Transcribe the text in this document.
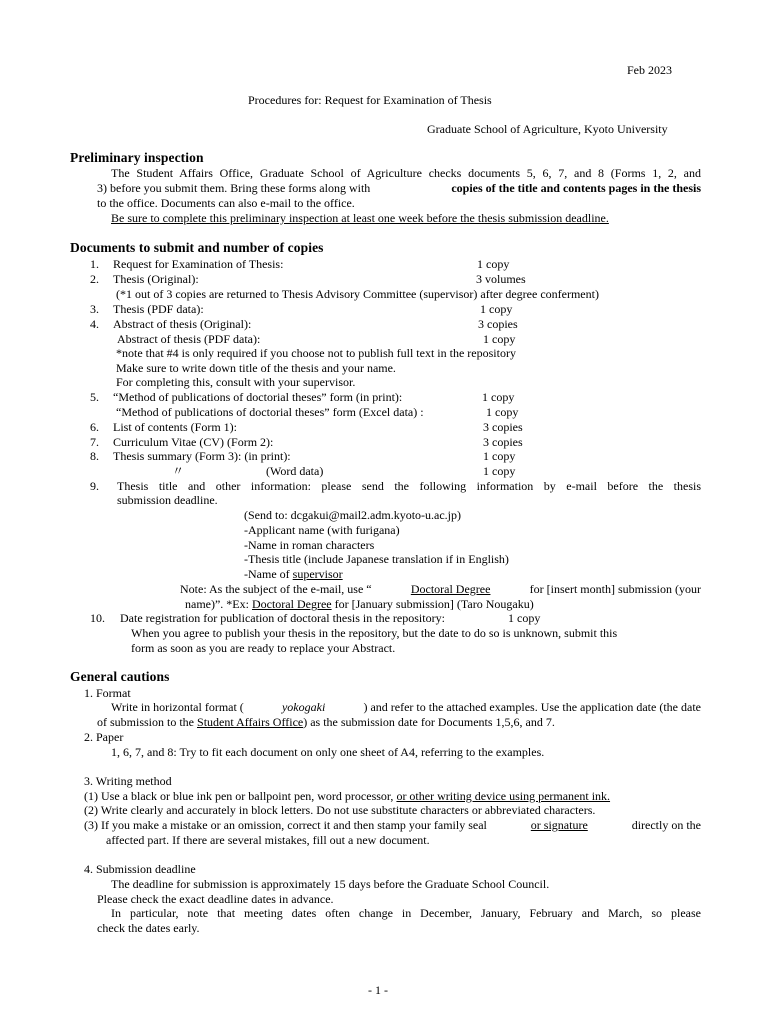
Feb 2023
Procedures for: Request for Examination of Thesis
Graduate School of Agriculture, Kyoto University
Preliminary inspection
The Student Affairs Office, Graduate School of Agriculture checks documents 5, 6, 7, and 8 (Forms 1, 2, and
3) before you submit them. Bring these forms along with	copies of the title and contents pages in the thesis
to the office. Documents can also e-mail to the office.
Be sure to complete this preliminary inspection at least one week before the thesis submission deadline.
Documents to submit and number of copies
1. Request for Examination of Thesis:	1 copy
2. Thesis (Original):	3 volumes
(*1 out of 3 copies are returned to Thesis Advisory Committee (supervisor) after degree conferment)
3. Thesis (PDF data):	1 copy
4. Abstract of thesis (Original):	3 copies
Abstract of thesis (PDF data):	1 copy
*note that #4 is only required if you choose not to publish full text in the repository
Make sure to write down title of the thesis and your name.
For completing this, consult with your supervisor.
5. “Method of publications of doctorial theses” form (in print):	1 copy
“Method of publications of doctorial theses” form (Excel data) :	1 copy
6. List of contents (Form 1):	3 copies
7. Curriculum Vitae (CV) (Form 2):	3 copies
8. Thesis summary (Form 3): (in print):	1 copy
〃	(Word data)	1 copy
9. Thesis title and other information: please send the following information by e-mail before the thesis
submission deadline.
(Send to: dcgakui@mail2.adm.kyoto-u.ac.jp)
-Applicant name (with furigana)
-Name in roman characters
-Thesis title (include Japanese translation if in English)
-Name of supervisor
Note: As the subject of the e-mail, use “	Doctoral Degree	for [insert month] submission (your
name)”. *Ex: Doctoral Degree for [January submission] (Taro Nougaku)
10. Date registration for publication of doctoral thesis in the repository:	1 copy
When you agree to publish your thesis in the repository, but the date to do so is unknown, submit this
form as soon as you are ready to replace your Abstract.
General cautions
1. Format
Write in horizontal format (	yokogaki	) and refer to the attached examples. Use the application date (the date
of submission to the Student Affairs Office) as the submission date for Documents 1,5,6, and 7.
2. Paper
1, 6, 7, and 8: Try to fit each document on only one sheet of A4, referring to the examples.
3. Writing method
(1) Use a black or blue ink pen or ballpoint pen, word processor, or other writing device using permanent ink.
(2) Write clearly and accurately in block letters. Do not use substitute characters or abbreviated characters.
(3) If you make a mistake or an omission, correct it and then stamp your family seal	or signature	directly on the
affected part. If there are several mistakes, fill out a new document.
4. Submission deadline
The deadline for submission is approximately 15 days before the Graduate School Council.
Please check the exact deadline dates in advance.
In particular, note that meeting dates often change in December, January, February and March, so please
check the dates early.
- 1 -
